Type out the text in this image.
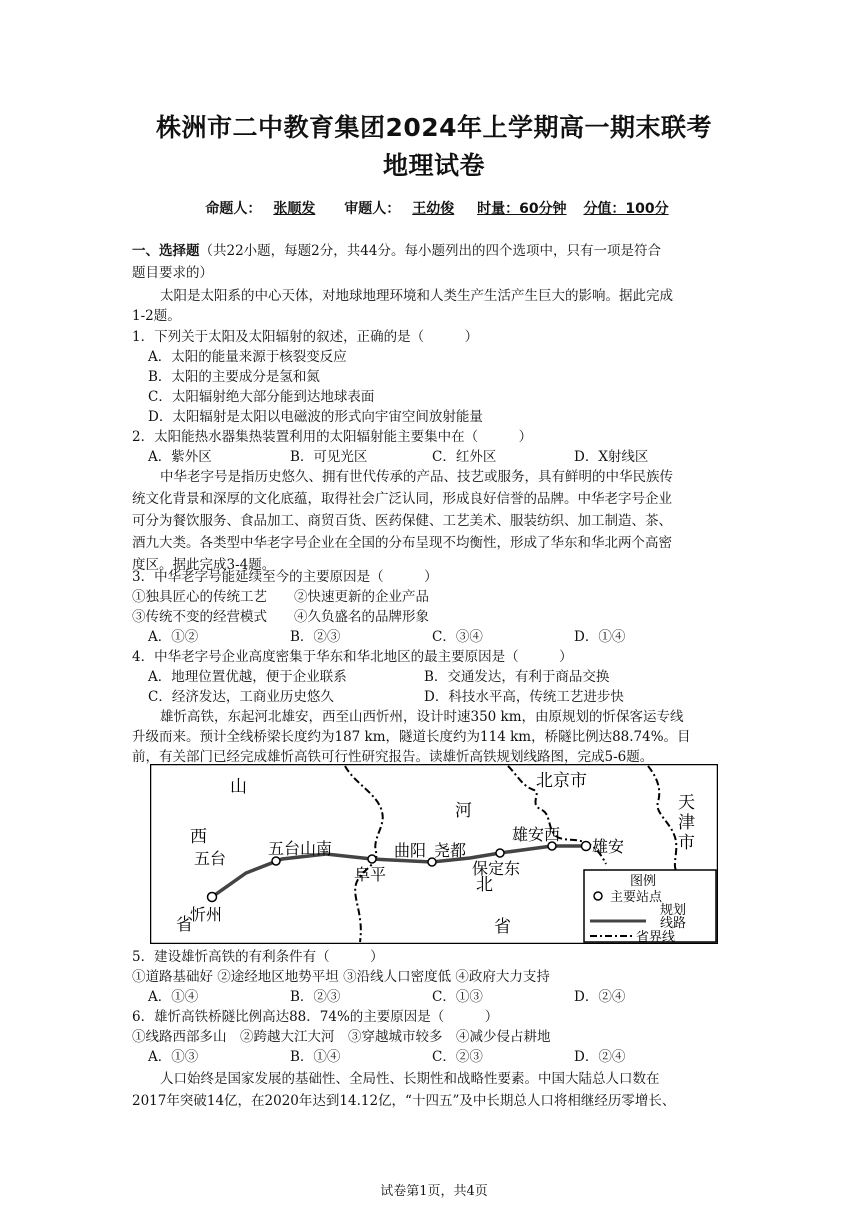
株洲市二中教育集团2024年上学期高一期末联考
地理试卷
命题人： 张顺发 审题人： 王幼俊 时量：60分钟 分值：100分
一、选择题（共22小题，每题2分，共44分。每小题列出的四个选项中，只有一项是符合
题目要求的）
太阳是太阳系的中心天体，对地球地理环境和人类生产生活产生巨大的影响。据此完成
1-2题。
1．下列关于太阳及太阳辐射的叙述，正确的是（　　　）
A．太阳的能量来源于核裂变反应
B．太阳的主要成分是氢和氮
C．太阳辐射绝大部分能到达地球表面
D．太阳辐射是太阳以电磁波的形式向宇宙空间放射能量
2．太阳能热水器集热装置利用的太阳辐射能主要集中在（　　　）
A．紫外区	B．可见光区	C．红外区	D．X射线区
中华老字号是指历史悠久、拥有世代传承的产品、技艺或服务，具有鲜明的中华民族传
统文化背景和深厚的文化底蕴，取得社会广泛认同，形成良好信誉的品牌。中华老字号企业
可分为餐饮服务、食品加工、商贸百货、医药保健、工艺美术、服装纺织、加工制造、茶、
酒九大类。各类型中华老字号企业在全国的分布呈现不均衡性，形成了华东和华北两个高密
度区。据此完成3-4题。
3．中华老字号能延续至今的主要原因是（　　　）
①独具匠心的传统工艺　　②快速更新的企业产品
③传统不变的经营模式　　④久负盛名的品牌形象
A．①②	B．②③	C．③④	D．①④
4．中华老字号企业高度密集于华东和华北地区的最主要原因是（　　　）
A．地理位置优越，便于企业联系	B．交通发达，有利于商品交换
C．经济发达，工商业历史悠久	D．科技水平高，传统工艺进步快
雄忻高铁，东起河北雄安，西至山西忻州，设计时速350 km，由原规划的忻保客运专线
升级而来。预计全线桥梁长度约为187 km，隧道长度约为114 km，桥隧比例达88.74%。目
前，有关部门已经完成雄忻高铁可行性研究报告。读雄忻高铁规划线路图，完成5-6题。
山
西
省
河
北
省
北京市
天
津
市
五台山南
阜平
曲阳 尧都
保定东
雄安西
雄安
五台
忻州
图例
主要站点
规划
线路
省界线
5．建设雄忻高铁的有利条件有（　　　）
①道路基础好 ②途经地区地势平坦 ③沿线人口密度低 ④政府大力支持
A．①④	B．②③	C．①③	D．②④
6．雄忻高铁桥隧比例高达88．74%的主要原因是（　　　）
①线路西部多山　②跨越大江大河　③穿越城市较多　④减少侵占耕地
A．①③	B．①④	C．②③	D．②④
人口始终是国家发展的基础性、全局性、长期性和战略性要素。中国大陆总人口数在
2017年突破14亿，在2020年达到14.12亿，“十四五”及中长期总人口将相继经历零增长、
试卷第1页，共4页
